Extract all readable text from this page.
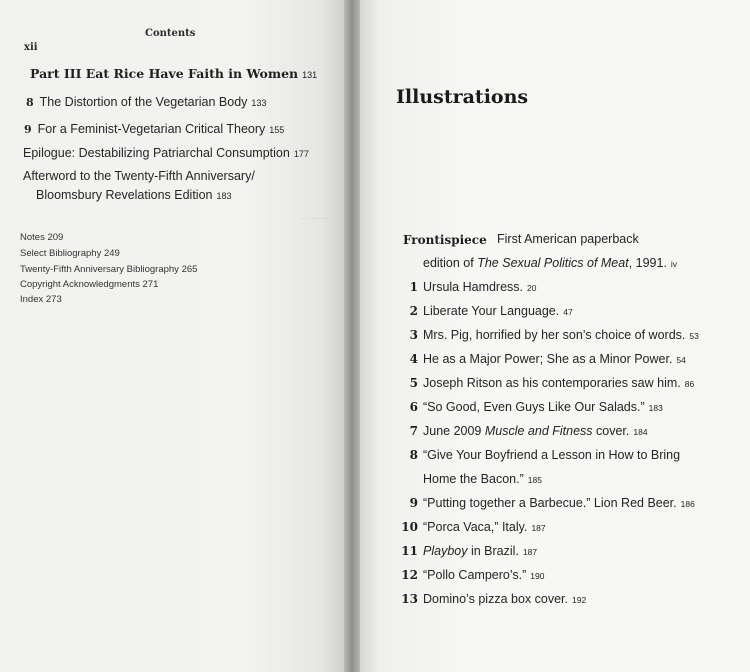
— — —
Contents
xii
Part III Eat Rice Have Faith in Women 131
8 The Distortion of the Vegetarian Body 133
9 For a Feminist-Vegetarian Critical Theory 155
Epilogue: Destabilizing Patriarchal Consumption 177
Afterword to the Twenty-Fifth Anniversary/
Bloomsbury Revelations Edition 183
Notes 209
Select Bibliography 249
Twenty-Fifth Anniversary Bibliography 265
Copyright Acknowledgments 271
Index 273
Illustrations
Frontispiece First American paperback
edition of The Sexual Politics of Meat, 1991. iv
1 Ursula Hamdress. 20
2 Liberate Your Language. 47
3 Mrs. Pig, horrified by her son’s choice of words. 53
4 He as a Major Power; She as a Minor Power. 54
5 Joseph Ritson as his contemporaries saw him. 86
6 “So Good, Even Guys Like Our Salads.” 183
7 June 2009 Muscle and Fitness cover. 184
8 “Give Your Boyfriend a Lesson in How to Bring
Home the Bacon.” 185
9 “Putting together a Barbecue.” Lion Red Beer. 186
10 “Porca Vaca,” Italy. 187
11 Playboy in Brazil. 187
12 “Pollo Campero’s.” 190
13 Domino’s pizza box cover. 192
